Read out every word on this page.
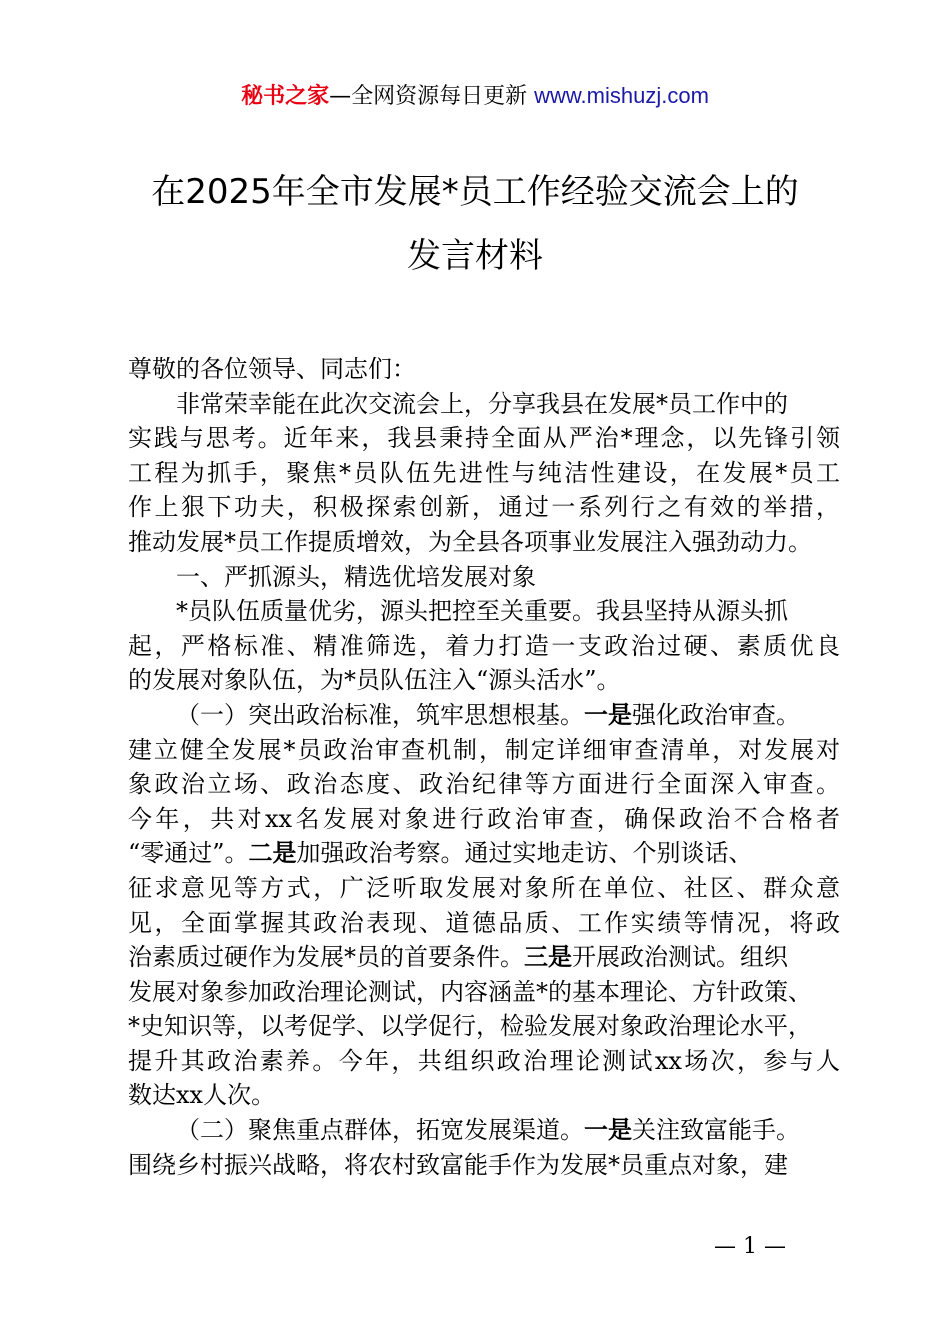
秘书之家—全网资源每日更新 www.mishuzj.com
在2025年全市发展*员工作经验交流会上的
发言材料
尊敬的各位领导、同志们：
非常荣幸能在此次交流会上，分享我县在发展*员工作中的
实践与思考。近年来，我县秉持全面从严治*理念，以先锋引领
工程为抓手，聚焦*员队伍先进性与纯洁性建设，在发展*员工
作上狠下功夫，积极探索创新，通过一系列行之有效的举措，
推动发展*员工作提质增效，为全县各项事业发展注入强劲动力。
一、严抓源头，精选优培发展对象
*员队伍质量优劣，源头把控至关重要。我县坚持从源头抓
起，严格标准、精准筛选，着力打造一支政治过硬、素质优良
的发展对象队伍，为*员队伍注入“源头活水”。
（一）突出政治标准，筑牢思想根基。一是强化政治审查。
建立健全发展*员政治审查机制，制定详细审查清单，对发展对
象政治立场、政治态度、政治纪律等方面进行全面深入审查。
今年，共对xx名发展对象进行政治审查，确保政治不合格者
“零通过”。二是加强政治考察。通过实地走访、个别谈话、
征求意见等方式，广泛听取发展对象所在单位、社区、群众意
见，全面掌握其政治表现、道德品质、工作实绩等情况，将政
治素质过硬作为发展*员的首要条件。三是开展政治测试。组织
发展对象参加政治理论测试，内容涵盖*的基本理论、方针政策、
*史知识等，以考促学、以学促行，检验发展对象政治理论水平，
提升其政治素养。今年，共组织政治理论测试xx场次，参与人
数达xx人次。
（二）聚焦重点群体，拓宽发展渠道。一是关注致富能手。
围绕乡村振兴战略，将农村致富能手作为发展*员重点对象，建
— 1 —
